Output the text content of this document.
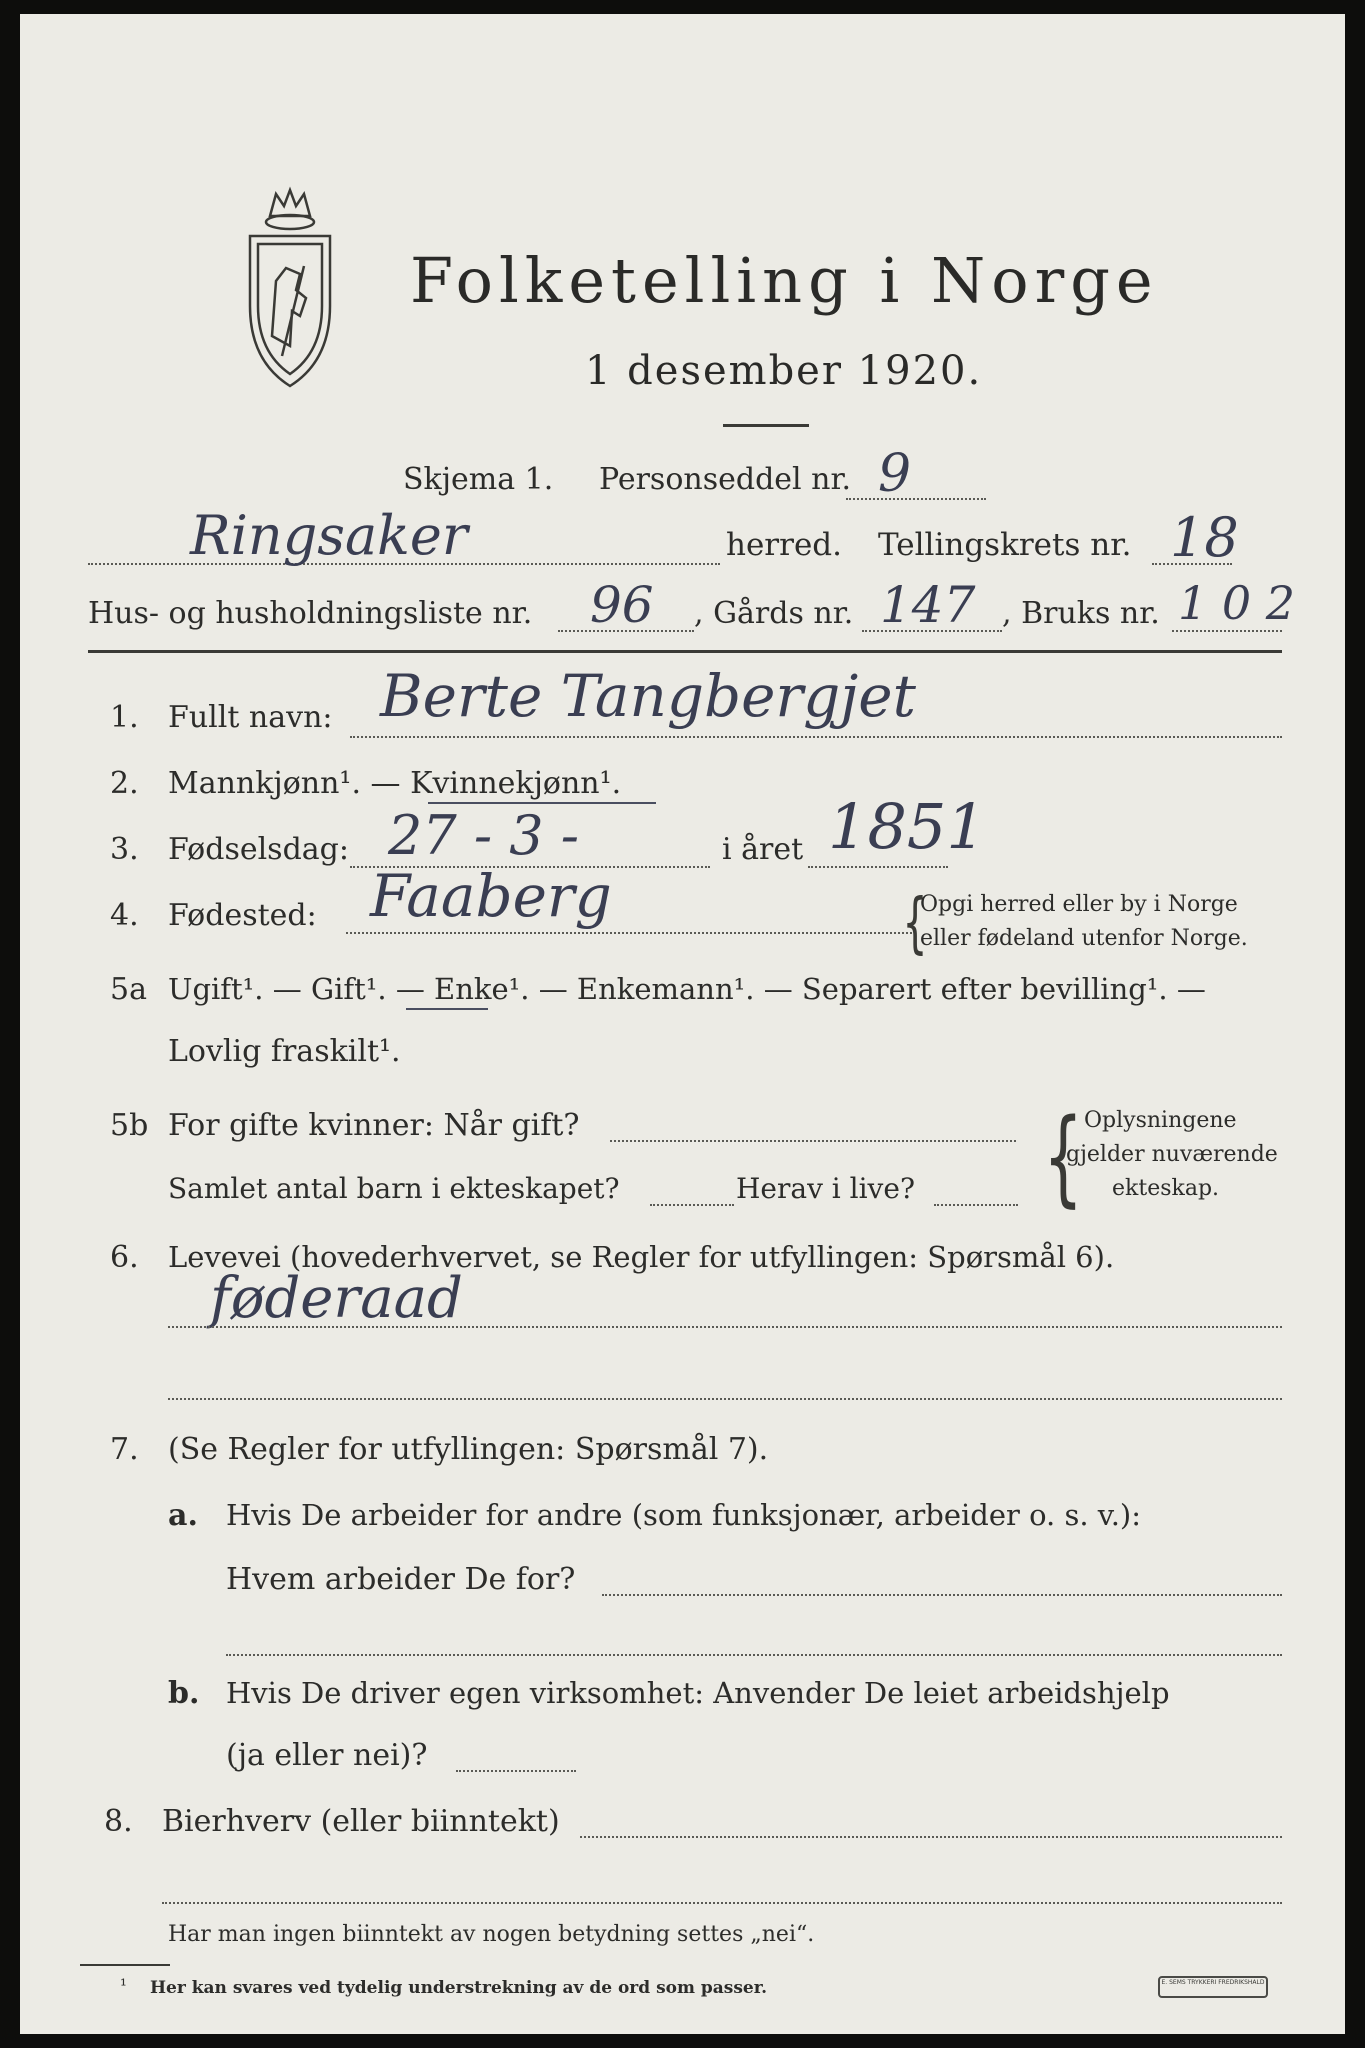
Folketelling i Norge
1 desember 1920.
Skjema 1. Personseddel nr. 9
Ringsaker	herred. Tellingskrets nr. 18
Hus- og husholdningsliste nr. 96 , Gårds nr. 147 , Bruks nr. 1 0 2
1. Fullt navn: Berte Tangbergjet
2. Mannkjønn¹. — Kvinnekjønn¹.
3. Fødselsdag: 27 - 3 -	i året 1851
4. Fødested: Faaberg	{
Opgi herred eller by i Norge
eller fødeland utenfor Norge.
5a Ugift¹. — Gift¹. — Enke¹. — Enkemann¹. — Separert efter bevilling¹. —
Lovlig fraskilt¹.
5b For gifte kvinner: Når gift?
Samlet antal barn i ekteskapet?	Herav i live? { Oplysningene
gjelder nuværende
ekteskap.
6. Levevei (hovederhvervet, se Regler for utfyllingen: Spørsmål 6).
føderaad
7. (Se Regler for utfyllingen: Spørsmål 7).
a. Hvis De arbeider for andre (som funksjonær, arbeider o. s. v.):
Hvem arbeider De for?
b. Hvis De driver egen virksomhet: Anvender De leiet arbeidshjelp
(ja eller nei)?
8. Bierhverv (eller biinntekt)
Har man ingen biinntekt av nogen betydning settes „nei“.
¹ Her kan svares ved tydelig understrekning av de ord som passer.	E. SEMS TRYKKERI FREDRIKSHALD
